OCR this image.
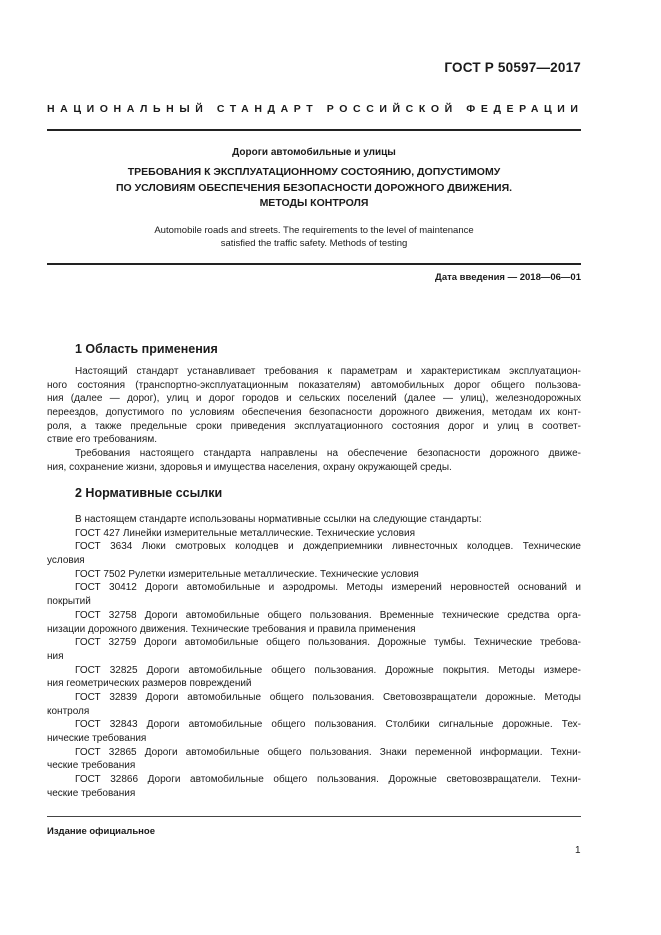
ГОСТ Р 50597—2017
НАЦИОНАЛЬНЫЙ СТАНДАРТ РОССИЙСКОЙ ФЕДЕРАЦИИ
Дороги автомобильные и улицы
ТРЕБОВАНИЯ К ЭКСПЛУАТАЦИОННОМУ СОСТОЯНИЮ, ДОПУСТИМОМУ
ПО УСЛОВИЯМ ОБЕСПЕЧЕНИЯ БЕЗОПАСНОСТИ ДОРОЖНОГО ДВИЖЕНИЯ.
МЕТОДЫ КОНТРОЛЯ
Automobile roads and streets. The requirements to the level of maintenance
satisfied the traffic safety. Methods of testing
Дата введения — 2018—06—01
1 Область применения
Настоящий стандарт устанавливает требования к параметрам и характеристикам эксплуатацион-
ного состояния (транспортно-эксплуатационным показателям) автомобильных дорог общего пользова-
ния (далее — дорог), улиц и дорог городов и сельских поселений (далее — улиц), железнодорожных
переездов, допустимого по условиям обеспечения безопасности дорожного движения, методам их конт-
роля, а также предельные сроки приведения эксплуатационного состояния дорог и улиц в соответ-
ствие его требованиям.
Требования настоящего стандарта направлены на обеспечение безопасности дорожного движе-
ния, сохранение жизни, здоровья и имущества населения, охрану окружающей среды.
2 Нормативные ссылки
В настоящем стандарте использованы нормативные ссылки на следующие стандарты:
ГОСТ 427 Линейки измерительные металлические. Технические условия
ГОСТ 3634 Люки смотровых колодцев и дождеприемники ливнесточных колодцев. Технические
условия
ГОСТ 7502 Рулетки измерительные металлические. Технические условия
ГОСТ 30412 Дороги автомобильные и аэродромы. Методы измерений неровностей оснований и
покрытий
ГОСТ 32758 Дороги автомобильные общего пользования. Временные технические средства орга-
низации дорожного движения. Технические требования и правила применения
ГОСТ 32759 Дороги автомобильные общего пользования. Дорожные тумбы. Технические требова-
ния
ГОСТ 32825 Дороги автомобильные общего пользования. Дорожные покрытия. Методы измере-
ния геометрических размеров повреждений
ГОСТ 32839 Дороги автомобильные общего пользования. Световозвращатели дорожные. Методы
контроля
ГОСТ 32843 Дороги автомобильные общего пользования. Столбики сигнальные дорожные. Тех-
нические требования
ГОСТ 32865 Дороги автомобильные общего пользования. Знаки переменной информации. Техни-
ческие требования
ГОСТ 32866 Дороги автомобильные общего пользования. Дорожные световозвращатели. Техни-
ческие требования
Издание официальное
1
